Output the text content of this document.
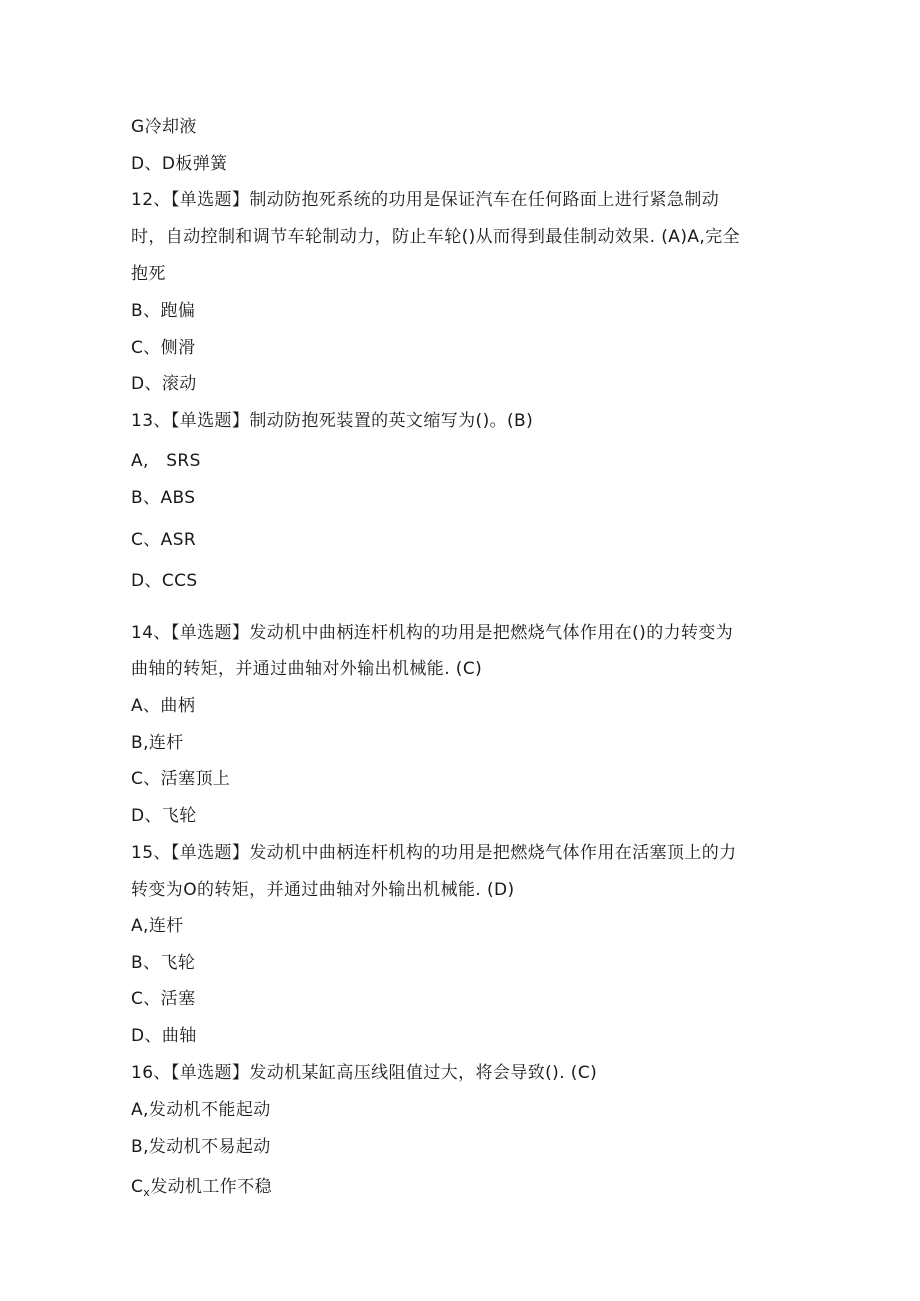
G冷却液
D、D板弹簧
12、【单选题】制动防抱死系统的功用是保证汽车在任何路面上进行紧急制动
时，自动控制和调节车轮制动力，防止车轮()从而得到最佳制动效果. (A)A,完全
抱死
B、跑偏
C、侧滑
D、滚动
13、【单选题】制动防抱死装置的英文缩写为()。(B)
A,   SRS
B、ABS
C、ASR
D、CCS
14、【单选题】发动机中曲柄连杆机构的功用是把燃烧气体作用在()的力转变为
曲轴的转矩，并通过曲轴对外输出机械能. (C)
A、曲柄
B,连杆
C、活塞顶上
D、飞轮
15、【单选题】发动机中曲柄连杆机构的功用是把燃烧气体作用在活塞顶上的力
转变为O的转矩，并通过曲轴对外输出机械能. (D)
A,连杆
B、飞轮
C、活塞
D、曲轴
16、【单选题】发动机某缸高压线阻值过大，将会导致(). (C)
A,发动机不能起动
B,发动机不易起动
$C_x$发动机工作不稳
